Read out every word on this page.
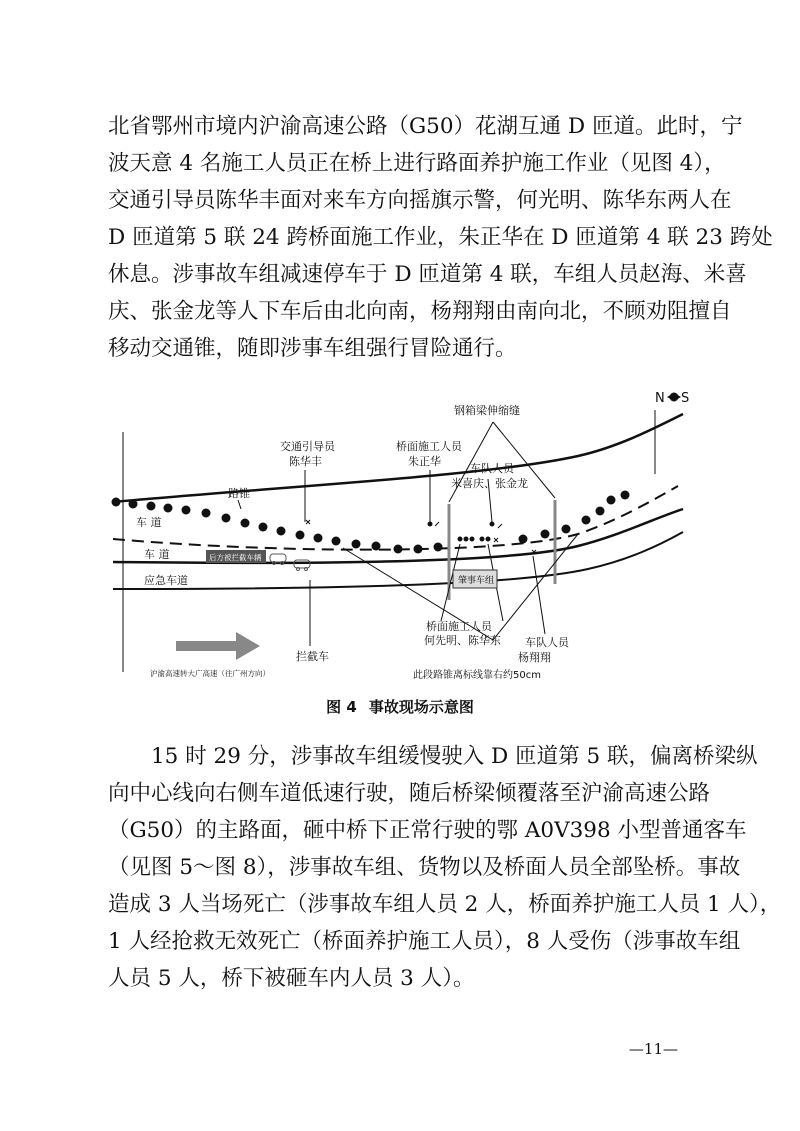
北省鄂州市境内沪渝高速公路（G50）花湖互通 D 匝道。此时，宁
波天意 4 名施工人员正在桥上进行路面养护施工作业（见图 4），
交通引导员陈华丰面对来车方向摇旗示警，何光明、陈华东两人在
D 匝道第 5 联 24 跨桥面施工作业，朱正华在 D 匝道第 4 联 23 跨处
休息。涉事故车组减速停车于 D 匝道第 4 联，车组人员赵海、米喜
庆、张金龙等人下车后由北向南，杨翔翔由南向北，不顾劝阻擅自
移动交通锥，随即涉事车组强行冒险通行。
N S
钢箱梁伸缩缝
交通引导员
陈华丰
桥面施工人员
朱正华
车队人员
米喜庆、张金龙
路锥
车 道
车 道
应急车道
后方被拦截车辆
肇事车组
桥面施工人员
何先明、陈华东 车队人员
杨翔翔
拦截车
此段路锥离标线靠右约50cm
沪渝高速转大广高速（往广州方向）
图 4 事故现场示意图
15 时 29 分，涉事故车组缓慢驶入 D 匝道第 5 联，偏离桥梁纵
向中心线向右侧车道低速行驶，随后桥梁倾覆落至沪渝高速公路
（G50）的主路面，砸中桥下正常行驶的鄂 A0V398 小型普通客车
（见图 5～图 8），涉事故车组、货物以及桥面人员全部坠桥。事故
造成 3 人当场死亡（涉事故车组人员 2 人，桥面养护施工人员 1 人），
1 人经抢救无效死亡（桥面养护施工人员），8 人受伤（涉事故车组
人员 5 人，桥下被砸车内人员 3 人）。
—11—
